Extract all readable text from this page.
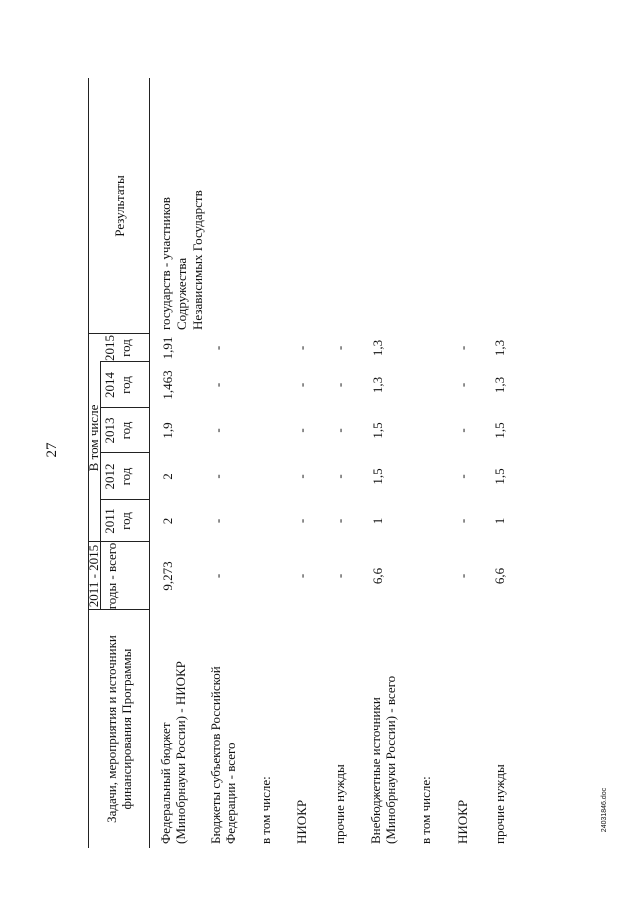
27
24031846.doc
Задачи, мероприятия и источники финансирования Программы
2011 - 2015 годы - всего
В том числе
2011 год
2012 год
2013 год
2014 год
2015 год
Результаты
Федеральный бюджет (Минобрнауки России) - НИОКР
9,273
2
2
1,9
1,463
1,91
государств - участников Содружества Независимых Государств
Бюджеты субъектов Российской Федерации - всего
-
-
-
-
-
-
в том числе: НИОКР
-
-
-
-
-
-
прочие нужды
-
-
-
-
-
-
Внебюджетные источники (Минобрнауки России) - всего
6,6
1
1,5
1,5
1,3
1,3
в том числе: НИОКР
-
-
-
-
-
-
прочие нужды
6,6
1
1,5
1,5
1,3
1,3
